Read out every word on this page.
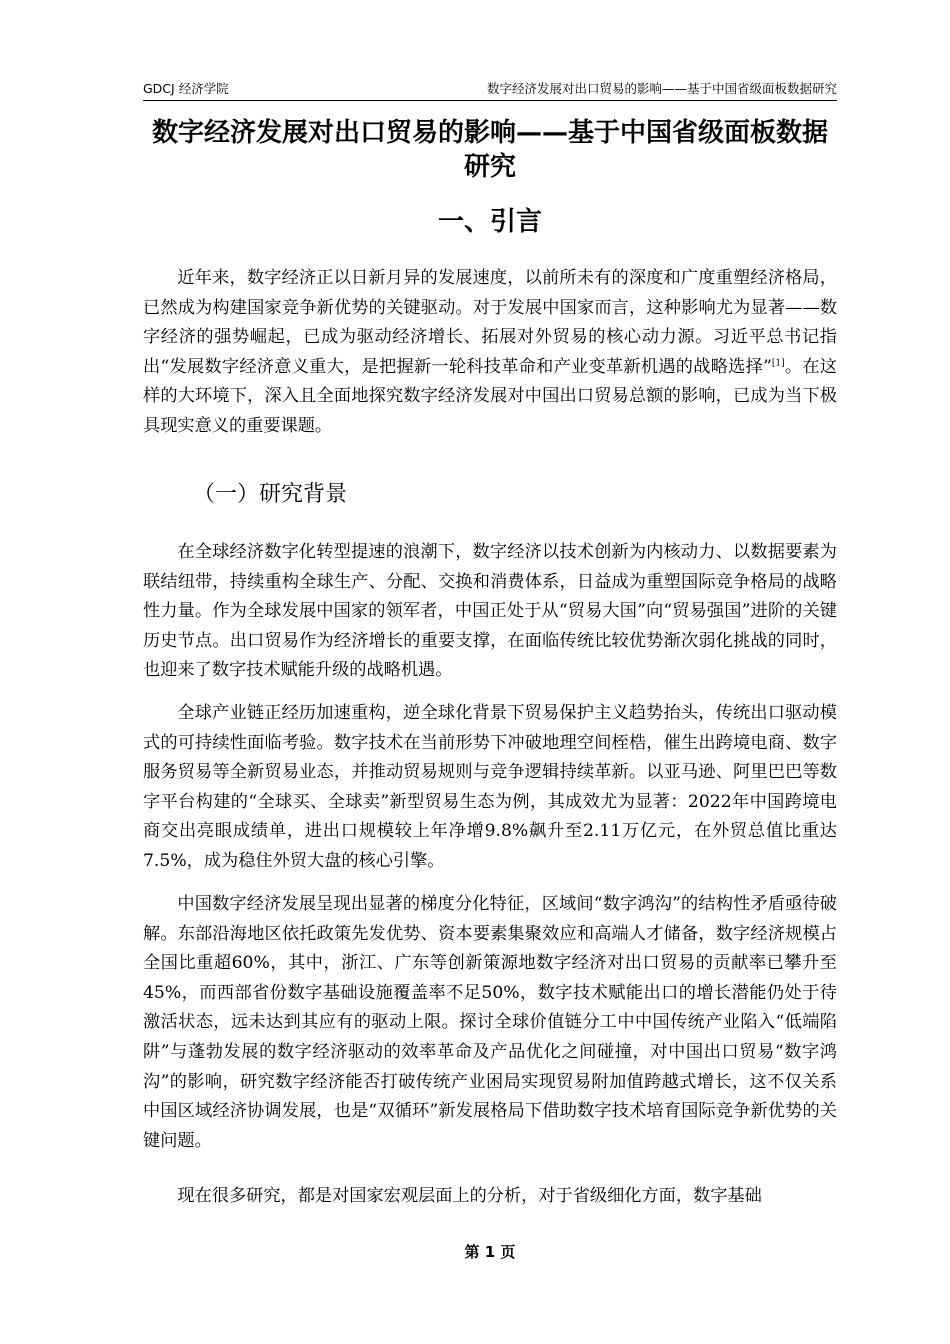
GDCJ 经济学院	数字经济发展对出口贸易的影响——基于中国省级面板数据研究
数字经济发展对出口贸易的影响——基于中国省级面板数据研究
一、引言

近年来，数字经济正以日新月异的发展速度，以前所未有的深度和广度重塑经济格局，已然成为构建国家竞争新优势的关键驱动。对于发展中国家而言，这种影响尤为显著——数字经济的强势崛起，已成为驱动经济增长、拓展对外贸易的核心动力源。习近平总书记指出“发展数字经济意义重大，是把握新一轮科技革命和产业变革新机遇的战略选择”[1]。在这样的大环境下，深入且全面地探究数字经济发展对中国出口贸易总额的影响，已成为当下极具现实意义的重要课题。

（一）研究背景

在全球经济数字化转型提速的浪潮下，数字经济以技术创新为内核动力、以数据要素为联结纽带，持续重构全球生产、分配、交换和消费体系，日益成为重塑国际竞争格局的战略性力量。作为全球发展中国家的领军者，中国正处于从“贸易大国”向“贸易强国”进阶的关键历史节点。出口贸易作为经济增长的重要支撑，在面临传统比较优势渐次弱化挑战的同时，也迎来了数字技术赋能升级的战略机遇。

全球产业链正经历加速重构，逆全球化背景下贸易保护主义趋势抬头，传统出口驱动模式的可持续性面临考验。数字技术在当前形势下冲破地理空间桎梏，催生出跨境电商、数字服务贸易等全新贸易业态，并推动贸易规则与竞争逻辑持续革新。以亚马逊、阿里巴巴等数字平台构建的“全球买、全球卖”新型贸易生态为例，其成效尤为显著：2022年中国跨境电商交出亮眼成绩单，进出口规模较上年净增9.8%飙升至2.11万亿元，在外贸总值比重达7.5%，成为稳住外贸大盘的核心引擎。

中国数字经济发展呈现出显著的梯度分化特征，区域间“数字鸿沟”的结构性矛盾亟待破解。东部沿海地区依托政策先发优势、资本要素集聚效应和高端人才储备，数字经济规模占全国比重超60%，其中，浙江、广东等创新策源地数字经济对出口贸易的贡献率已攀升至45%，而西部省份数字基础设施覆盖率不足50%，数字技术赋能出口的增长潜能仍处于待激活状态，远未达到其应有的驱动上限。探讨全球价值链分工中中国传统产业陷入“低端陷阱”与蓬勃发展的数字经济驱动的效率革命及产品优化之间碰撞，对中国出口贸易“数字鸿沟”的影响，研究数字经济能否打破传统产业困局实现贸易附加值跨越式增长，这不仅关系中国区域经济协调发展，也是“双循环”新发展格局下借助数字技术培育国际竞争新优势的关键问题。

现在很多研究，都是对国家宏观层面上的分析，对于省级细化方面，数字基础

第 1 页
